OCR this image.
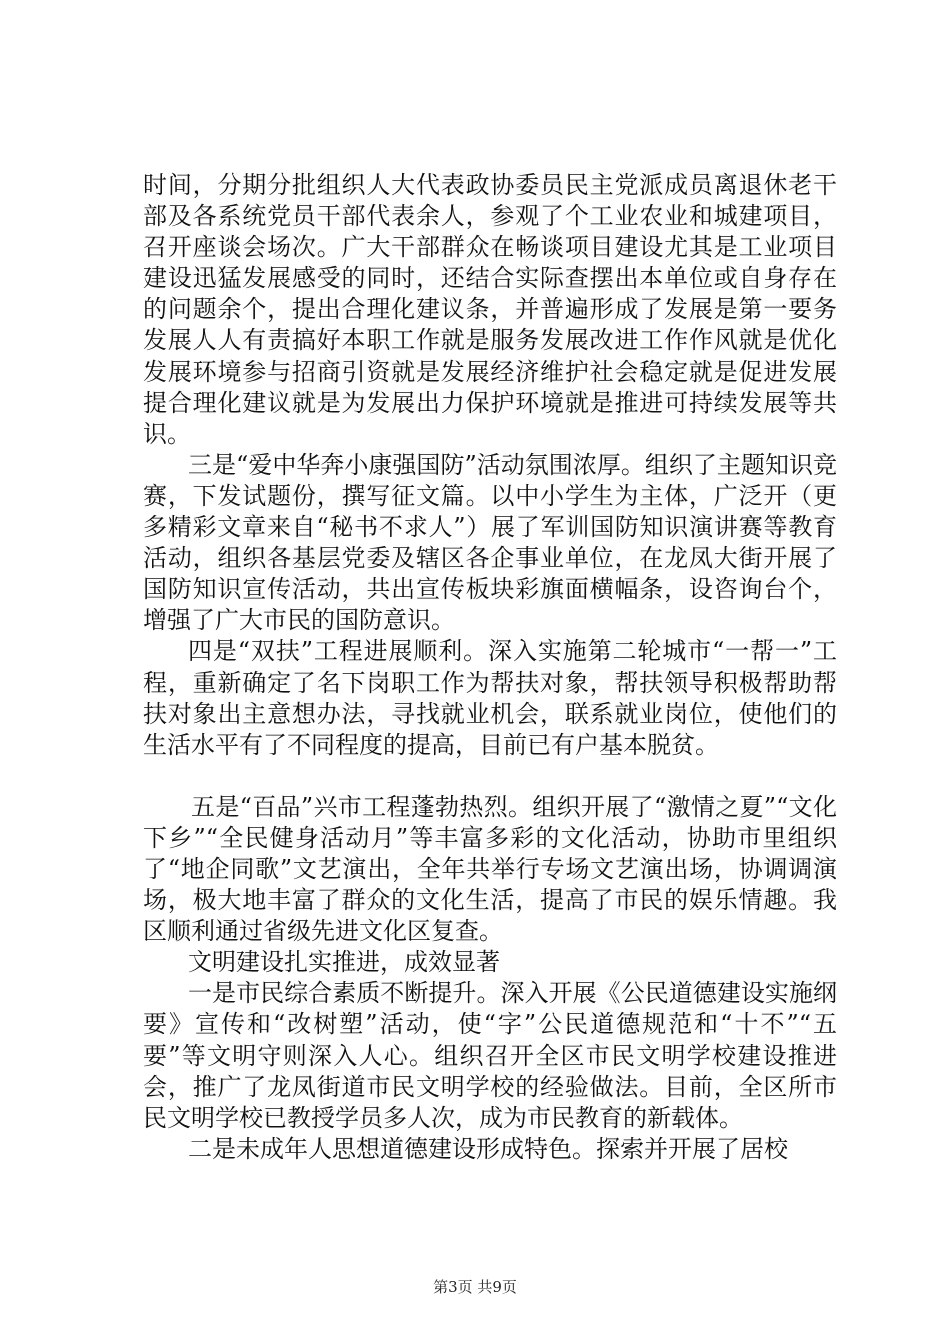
时间，分期分批组织人大代表政协委员民主党派成员离退休老干部及各系统党员干部代表余人，参观了个工业农业和城建项目，召开座谈会场次。广大干部群众在畅谈项目建设尤其是工业项目建设迅猛发展感受的同时，还结合实际查摆出本单位或自身存在的问题余个，提出合理化建议条，并普遍形成了发展是第一要务发展人人有责搞好本职工作就是服务发展改进工作作风就是优化发展环境参与招商引资就是发展经济维护社会稳定就是促进发展提合理化建议就是为发展出力保护环境就是推进可持续发展等共识。

三是“爱中华奔小康强国防”活动氛围浓厚。组织了主题知识竞赛，下发试题份，撰写征文篇。以中小学生为主体，广泛开（更多精彩文章来自“秘书不求人”）展了军训国防知识演讲赛等教育活动，组织各基层党委及辖区各企事业单位，在龙凤大街开展了国防知识宣传活动，共出宣传板块彩旗面横幅条，设咨询台个，增强了广大市民的国防意识。

四是“双扶”工程进展顺利。深入实施第二轮城市“一帮一”工程，重新确定了名下岗职工作为帮扶对象，帮扶领导积极帮助帮扶对象出主意想办法，寻找就业机会，联系就业岗位，使他们的生活水平有了不同程度的提高，目前已有户基本脱贫。

五是“百品”兴市工程蓬勃热烈。组织开展了“激情之夏”“文化下乡”“全民健身活动月”等丰富多彩的文化活动，协助市里组织了“地企同歌”文艺演出，全年共举行专场文艺演出场，协调调演场，极大地丰富了群众的文化生活，提高了市民的娱乐情趣。我区顺利通过省级先进文化区复查。

文明建设扎实推进，成效显著

一是市民综合素质不断提升。深入开展《公民道德建设实施纲要》宣传和“改树塑”活动，使“字”公民道德规范和“十不”“五要”等文明守则深入人心。组织召开全区市民文明学校建设推进会，推广了龙凤街道市民文明学校的经验做法。目前，全区所市民文明学校已教授学员多人次，成为市民教育的新载体。

二是未成年人思想道德建设形成特色。探索并开展了居校

第3页 共9页
